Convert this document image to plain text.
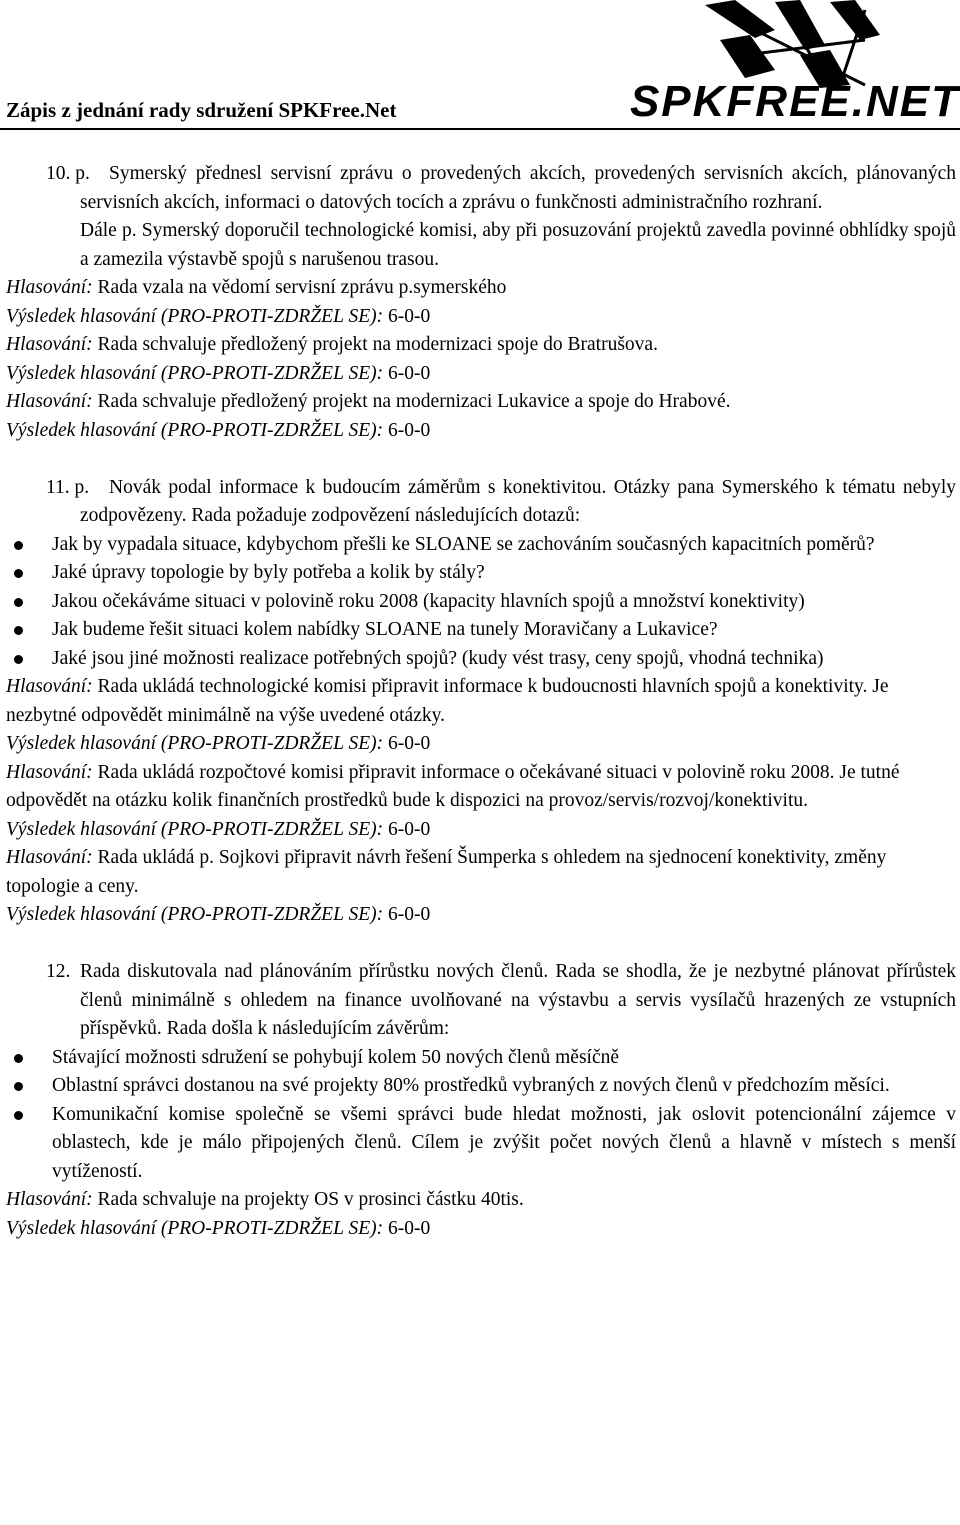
Zápis z jednání rady sdružení SPKFree.Net	SPKFREE.NET
10. p. Symerský přednesl servisní zprávu o provedených akcích, provedených servisních akcích, plánovaných servisních akcích, informaci o datových tocích a zprávu o funkčnosti administračního rozhraní.

Dále p. Symerský doporučil technologické komisi, aby při posuzování projektů zavedla povinné obhlídky spojů a zamezila výstavbě spojů s narušenou trasou.

Hlasování: Rada vzala na vědomí servisní zprávu p.symerského

Výsledek hlasování (PRO-PROTI-ZDRŽEL SE): 6-0-0

Hlasování: Rada schvaluje předložený projekt na modernizaci spoje do Bratrušova.

Výsledek hlasování (PRO-PROTI-ZDRŽEL SE): 6-0-0

Hlasování: Rada schvaluje předložený projekt na modernizaci Lukavice a spoje do Hrabové.

Výsledek hlasování (PRO-PROTI-ZDRŽEL SE): 6-0-0

11. p.	Novák podal informace k budoucím záměrům s konektivitou. Otázky pana Symerského k tématu nebyly zodpovězeny. Rada požaduje zodpovězení následujících dotazů:

Jak by vypadala situace, kdybychom přešli ke SLOANE se zachováním současných kapacitních poměrů?
Jaké úpravy topologie by byly potřeba a kolik by stály?
Jakou očekáváme situaci v polovině roku 2008 (kapacity hlavních spojů a množství konektivity)
Jak budeme řešit situaci kolem nabídky SLOANE na tunely Moravičany a Lukavice?
Jaké jsou jiné možnosti realizace potřebných spojů? (kudy vést trasy, ceny spojů, vhodná technika)

Hlasování: Rada ukládá technologické komisi připravit informace k budoucnosti hlavních spojů a konektivity. Je nezbytné odpovědět minimálně na výše uvedené otázky.

Výsledek hlasování (PRO-PROTI-ZDRŽEL SE): 6-0-0

Hlasování: Rada ukládá rozpočtové komisi připravit informace o očekávané situaci v polovině roku 2008. Je tutné odpovědět na otázku kolik finančních prostředků bude k dispozici na provoz/servis/rozvoj/konektivitu.

Výsledek hlasování (PRO-PROTI-ZDRŽEL SE): 6-0-0

Hlasování: Rada ukládá p. Sojkovi připravit návrh řešení Šumperka s ohledem na sjednocení konektivity, změny topologie a ceny.

Výsledek hlasování (PRO-PROTI-ZDRŽEL SE): 6-0-0

12. Rada diskutovala nad plánováním přírůstku nových členů. Rada se shodla, že je nezbytné plánovat přírůstek členů minimálně s ohledem na finance uvolňované na výstavbu a servis vysílačů hrazených ze vstupních příspěvků. Rada došla k následujícím závěrům:

Stávající možnosti sdružení se pohybují kolem 50 nových členů měsíčně
Oblastní správci dostanou na své projekty 80% prostředků vybraných z nových členů v předchozím měsíci.
Komunikační komise společně se všemi správci bude hledat možnosti, jak oslovit potencionální zájemce v oblastech, kde je málo připojených členů. Cílem je zvýšit počet nových členů a hlavně v místech s menší vytížeností.

Hlasování: Rada schvaluje na projekty OS v prosinci částku 40tis.

Výsledek hlasování (PRO-PROTI-ZDRŽEL SE): 6-0-0
